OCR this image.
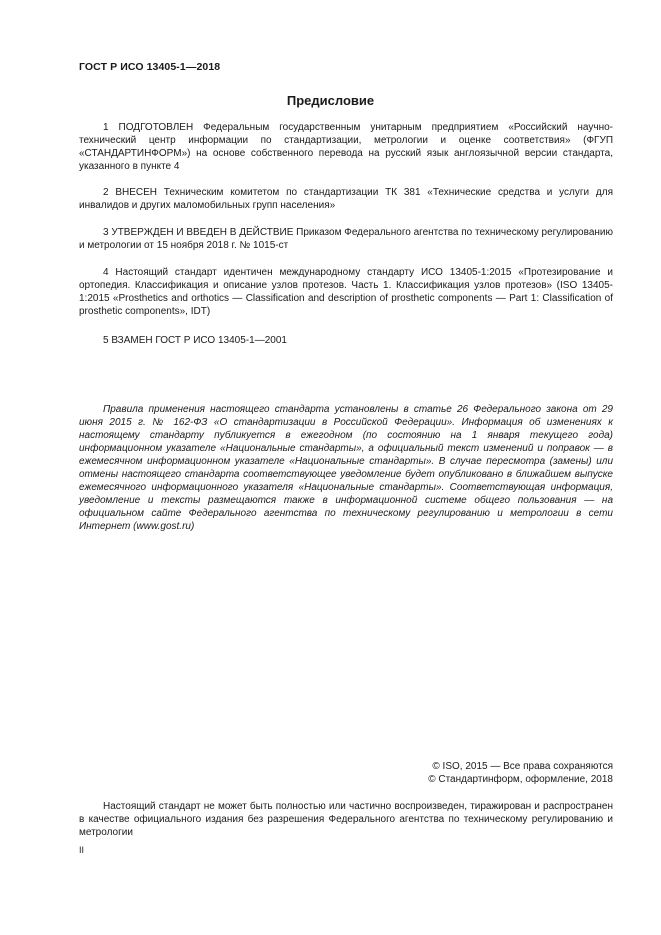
ГОСТ Р ИСО 13405-1—2018
Предисловие

1 ПОДГОТОВЛЕН Федеральным государственным унитарным предприятием «Российский научно-технический центр информации по стандартизации, метрологии и оценке соответствия» (ФГУП «СТАНДАРТИНФОРМ») на основе собственного перевода на русский язык англоязычной версии стандарта, указанного в пункте 4

2 ВНЕСЕН Техническим комитетом по стандартизации ТК 381 «Технические средства и услуги для инвалидов и других маломобильных групп населения»

3 УТВЕРЖДЕН И ВВЕДЕН В ДЕЙСТВИЕ Приказом Федерального агентства по техническому регулированию и метрологии от 15 ноября 2018 г. № 1015-ст

4 Настоящий стандарт идентичен международному стандарту ИСО 13405-1:2015 «Протезирование и ортопедия. Классификация и описание узлов протезов. Часть 1. Классификация узлов протезов» (ISO 13405-1:2015 «Prosthetics and orthotics — Classification and description of prosthetic components — Part 1: Classification of prosthetic components», IDT)

5 ВЗАМЕН ГОСТ Р ИСО 13405-1—2001

Правила применения настоящего стандарта установлены в статье 26 Федерального закона от 29 июня 2015 г. № 162-ФЗ «О стандартизации в Российской Федерации». Информация об изменениях к настоящему стандарту публикуется в ежегодном (по состоянию на 1 января текущего года) информационном указателе «Национальные стандарты», а официальный текст изменений и поправок — в ежемесячном информационном указателе «Национальные стандарты». В случае пересмотра (замены) или отмены настоящего стандарта соответствующее уведомление будет опубликовано в ближайшем выпуске ежемесячного информационного указателя «Национальные стандарты». Соответствующая информация, уведомление и тексты размещаются также в информационной системе общего пользования — на официальном сайте Федерального агентства по техническому регулированию и метрологии в сети Интернет (www.gost.ru)

© ISO, 2015 — Все права сохраняются
© Стандартинформ, оформление, 2018

Настоящий стандарт не может быть полностью или частично воспроизведен, тиражирован и распространен в качестве официального издания без разрешения Федерального агентства по техническому регулированию и метрологии

II
